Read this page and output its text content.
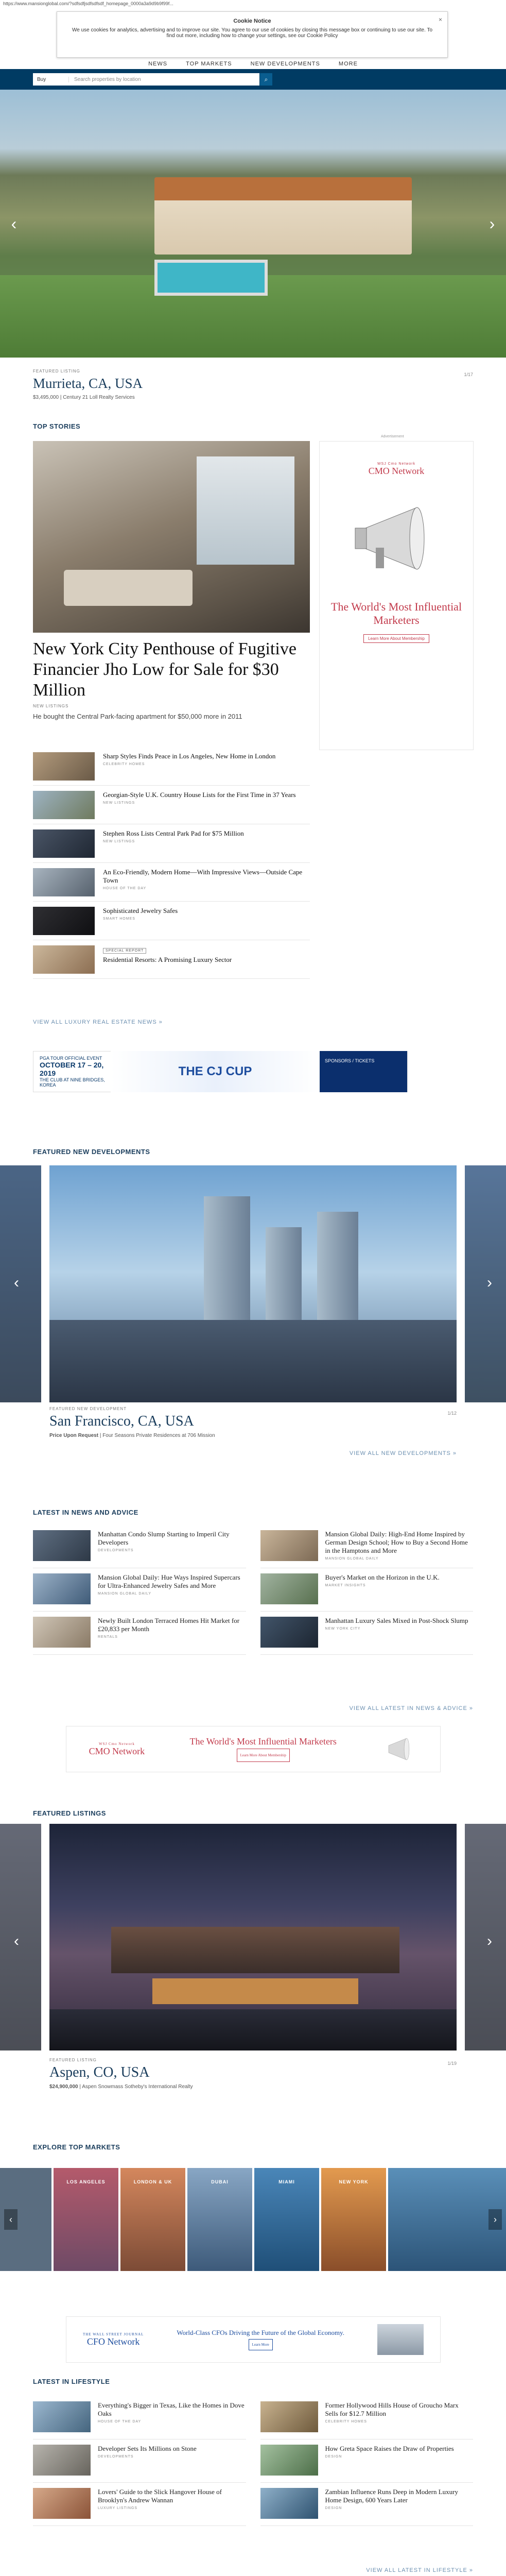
https://www.mansionglobal.com/?sdfsdfjsdfsdfsdf_homepage_0000a3a9d9b9f99f...
×
Cookie Notice

We use cookies for analytics, advertising and to improve our site. You agree to our use of cookies by closing this message box or continuing to use our site. To find out more, including how to change your settings, see our Cookie Policy

NEWS	TOP MARKETS	NEW DEVELOPMENTS	MORE
Buy	Search properties by location	⌕
‹	›
FEATURED LISTING
Murrieta, CA, USA
$3,495,000 | Century 21 Loll Realty Services
1/17
TOP STORIES
New York City Penthouse of Fugitive Financier Jho Low for Sale for $30 Million
NEW LISTINGS
He bought the Central Park-facing apartment for $50,000 more in 2011
Sharp Styles Finds Peace in Los Angeles, New Home in London
CELEBRITY HOMES
Georgian-Style U.K. Country House Lists for the First Time in 37 Years
NEW LISTINGS
Stephen Ross Lists Central Park Pad for $75 Million
NEW LISTINGS
An Eco-Friendly, Modern Home—With Impressive Views—Outside Cape Town
HOUSE OF THE DAY
Sophisticated Jewelry Safes
SMART HOMES
SPECIAL REPORT
Residential Resorts: A Promising Luxury Sector
VIEW ALL LUXURY REAL ESTATE NEWS »
Advertisement
WSJ Cmo Network
CMO Network
The World's Most Influential Marketers
Learn More About Membership
PGA TOUR OFFICIAL EVENT
OCTOBER 17 – 20, 2019
THE CLUB AT NINE BRIDGES, KOREA
THE CJ CUP
SPONSORS / TICKETS
FEATURED NEW DEVELOPMENTS
‹	›
FEATURED NEW DEVELOPMENT
San Francisco, CA, USA
Price Upon Request | Four Seasons Private Residences at 706 Mission
1/12
VIEW ALL NEW DEVELOPMENTS »
LATEST IN NEWS AND ADVICE
Manhattan Condo Slump Starting to Imperil City Developers
DEVELOPMENTS
Mansion Global Daily: High-End Home Inspired by German Design School; How to Buy a Second Home in the Hamptons and More
MANSION GLOBAL DAILY
Mansion Global Daily: Hue Ways Inspired Supercars for Ultra-Enhanced Jewelry Safes and More
MANSION GLOBAL DAILY
Buyer's Market on the Horizon in the U.K.
MARKET INSIGHTS
Newly Built London Terraced Homes Hit Market for £20,833 per Month
RENTALS
Manhattan Luxury Sales Mixed in Post-Shock Slump
NEW YORK CITY
VIEW ALL LATEST IN NEWS & ADVICE »
WSJ Cmo Network
CMO Network
The World's Most Influential Marketers
Learn More About Membership
FEATURED LISTINGS
‹	›
FEATURED LISTING
Aspen, CO, USA
$24,900,000 | Aspen Snowmass Sotheby's International Realty
1/19
EXPLORE TOP MARKETS
LOS ANGELES	LONDON & UK	DUBAI	MIAMI	NEW YORK
‹	›
THE WALL STREET JOURNAL
CFO Network
World-Class CFOs Driving the Future of the Global Economy.
Learn More
LATEST IN LIFESTYLE
Everything's Bigger in Texas, Like the Homes in Dove Oaks
HOUSE OF THE DAY
Former Hollywood Hills House of Groucho Marx Sells for $12.7 Million
CELEBRITY HOMES
Developer Sets Its Millions on Stone
DEVELOPMENTS
How Greta Space Raises the Draw of Properties
DESIGN
Lovers' Guide to the Slick Hangover House of Brooklyn's Andrew Wannan
LUXURY LISTINGS
Zambian Influence Runs Deep in Modern Luxury Home Design, 600 Years Later
DESIGN
VIEW ALL LATEST IN LIFESTYLE »
